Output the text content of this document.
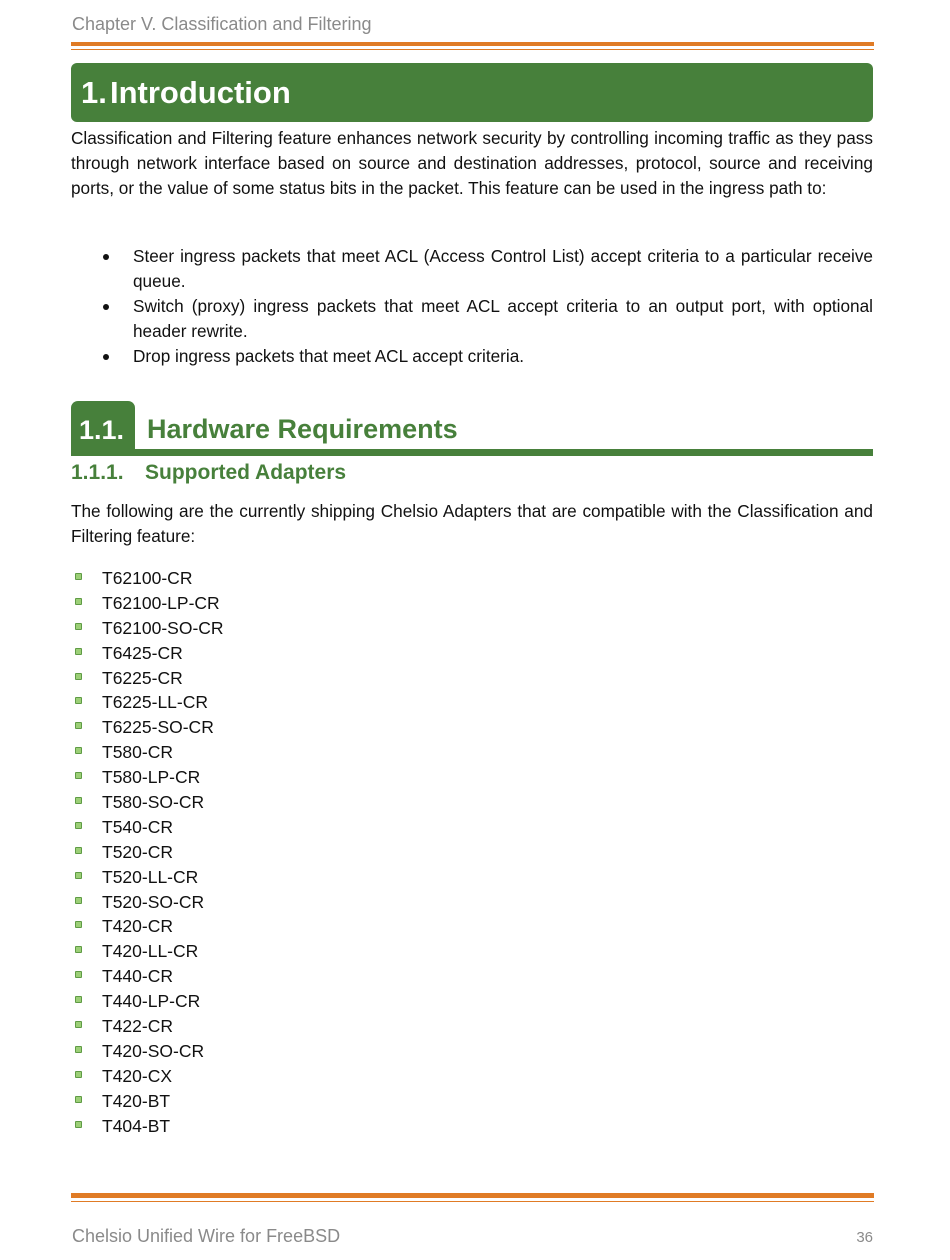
Chapter V. Classification and Filtering
1. Introduction

Classification and Filtering feature enhances network security by controlling incoming traffic as they pass through network interface based on source and destination addresses, protocol, source and receiving ports, or the value of some status bits in the packet. This feature can be used in the ingress path to:

Steer ingress packets that meet ACL (Access Control List) accept criteria to a particular receive queue.
Switch (proxy) ingress packets that meet ACL accept criteria to an output port, with optional header rewrite.
Drop ingress packets that meet ACL accept criteria.
1.1. Hardware Requirements
1.1.1. Supported Adapters

The following are the currently shipping Chelsio Adapters that are compatible with the Classification and Filtering feature:

T62100-CR
T62100-LP-CR
T62100-SO-CR
T6425-CR
T6225-CR
T6225-LL-CR
T6225-SO-CR
T580-CR
T580-LP-CR
T580-SO-CR
T540-CR
T520-CR
T520-LL-CR
T520-SO-CR
T420-CR
T420-LL-CR
T440-CR
T440-LP-CR
T422-CR
T420-SO-CR
T420-CX
T420-BT
T404-BT
Chelsio Unified Wire for FreeBSD	36
